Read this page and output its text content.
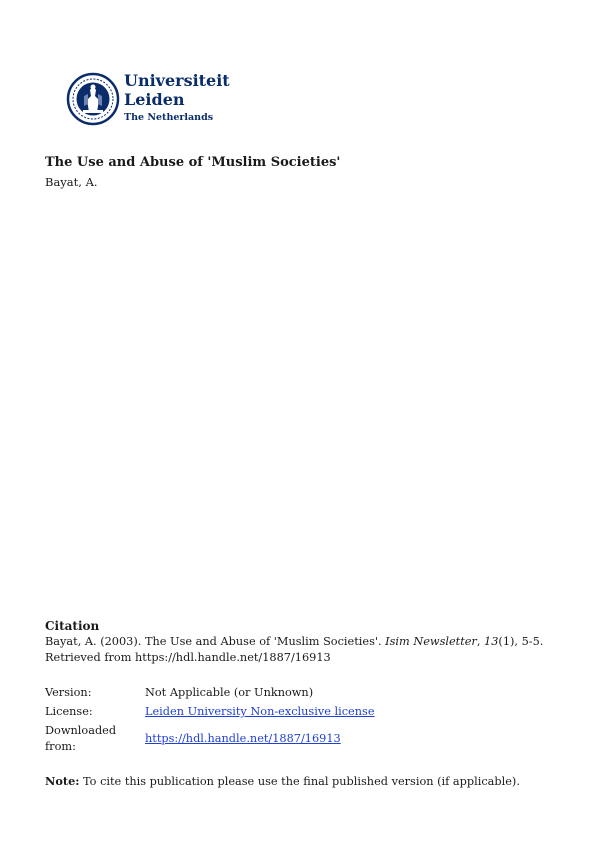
Universiteit
Leiden
The Netherlands
The Use and Abuse of 'Muslim Societies'

Bayat, A.

Citation

Bayat, A. (2003). The Use and Abuse of 'Muslim Societies'. Isim Newsletter, 13(1), 5-5.
Retrieved from https://hdl.handle.net/1887/16913

Version:	Not Applicable (or Unknown)
License:	Leiden University Non-exclusive license
Downloaded
from:
https://hdl.handle.net/1887/16913

Note: To cite this publication please use the final published version (if applicable).
